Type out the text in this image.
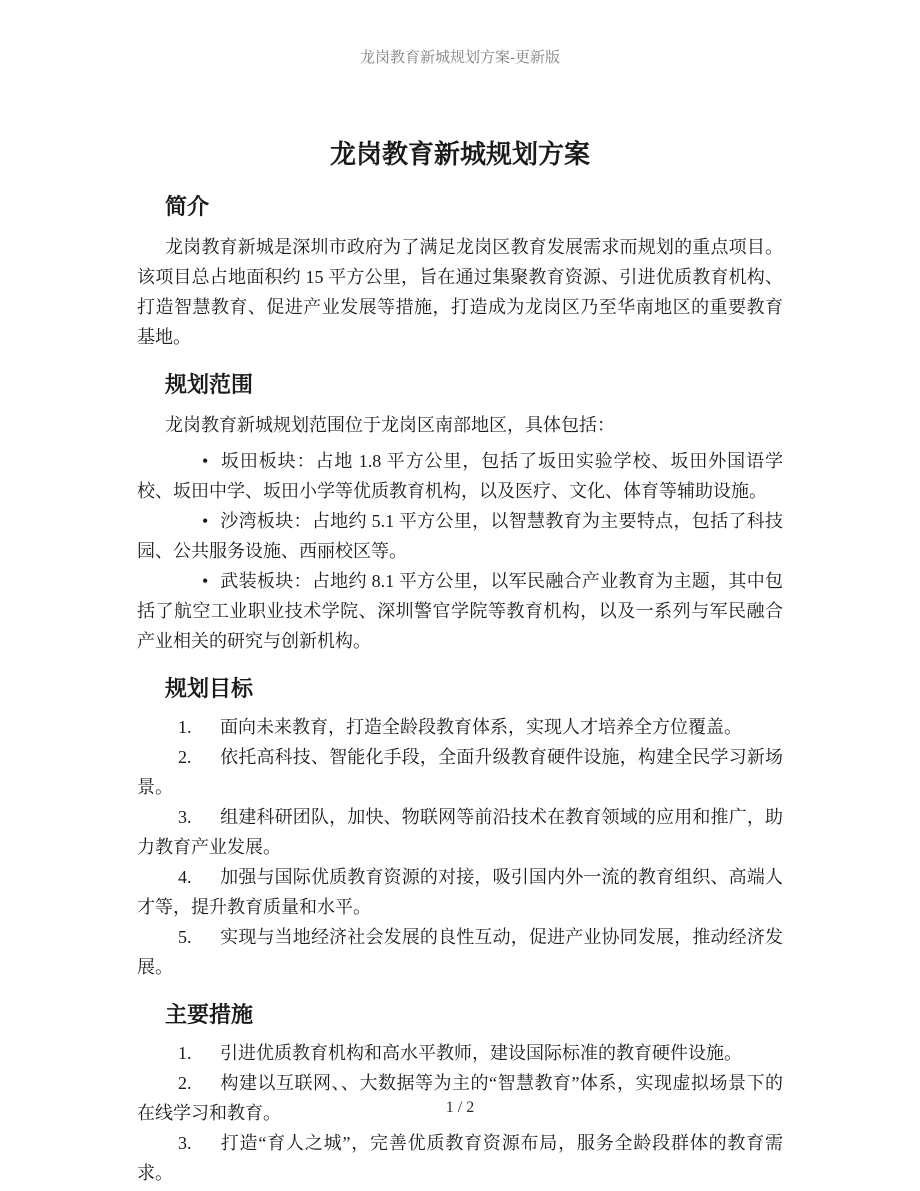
龙岗教育新城规划方案-更新版
龙岗教育新城规划方案
简介

龙岗教育新城是深圳市政府为了满足龙岗区教育发展需求而规划的重点项目。该项目总占地面积约 15 平方公里，旨在通过集聚教育资源、引进优质教育机构、打造智慧教育、促进产业发展等措施，打造成为龙岗区乃至华南地区的重要教育基地。

规划范围

龙岗教育新城规划范围位于龙岗区南部地区，具体包括：

• 坂田板块：占地 1.8 平方公里，包括了坂田实验学校、坂田外国语学校、坂田中学、坂田小学等优质教育机构，以及医疗、文化、体育等辅助设施。

• 沙湾板块：占地约 5.1 平方公里，以智慧教育为主要特点，包括了科技园、公共服务设施、西丽校区等。

• 武装板块：占地约 8.1 平方公里，以军民融合产业教育为主题，其中包括了航空工业职业技术学院、深圳警官学院等教育机构，以及一系列与军民融合产业相关的研究与创新机构。

规划目标

1. 面向未来教育，打造全龄段教育体系，实现人才培养全方位覆盖。

2. 依托高科技、智能化手段，全面升级教育硬件设施，构建全民学习新场景。

3. 组建科研团队，加快、物联网等前沿技术在教育领域的应用和推广，助力教育产业发展。

4. 加强与国际优质教育资源的对接，吸引国内外一流的教育组织、高端人才等，提升教育质量和水平。

5. 实现与当地经济社会发展的良性互动，促进产业协同发展，推动经济发展。

主要措施

1. 引进优质教育机构和高水平教师，建设国际标准的教育硬件设施。

2. 构建以互联网、、大数据等为主的“智慧教育”体系，实现虚拟场景下的在线学习和教育。

3. 打造“育人之城”，完善优质教育资源布局，服务全龄段群体的教育需求。

1 / 2
